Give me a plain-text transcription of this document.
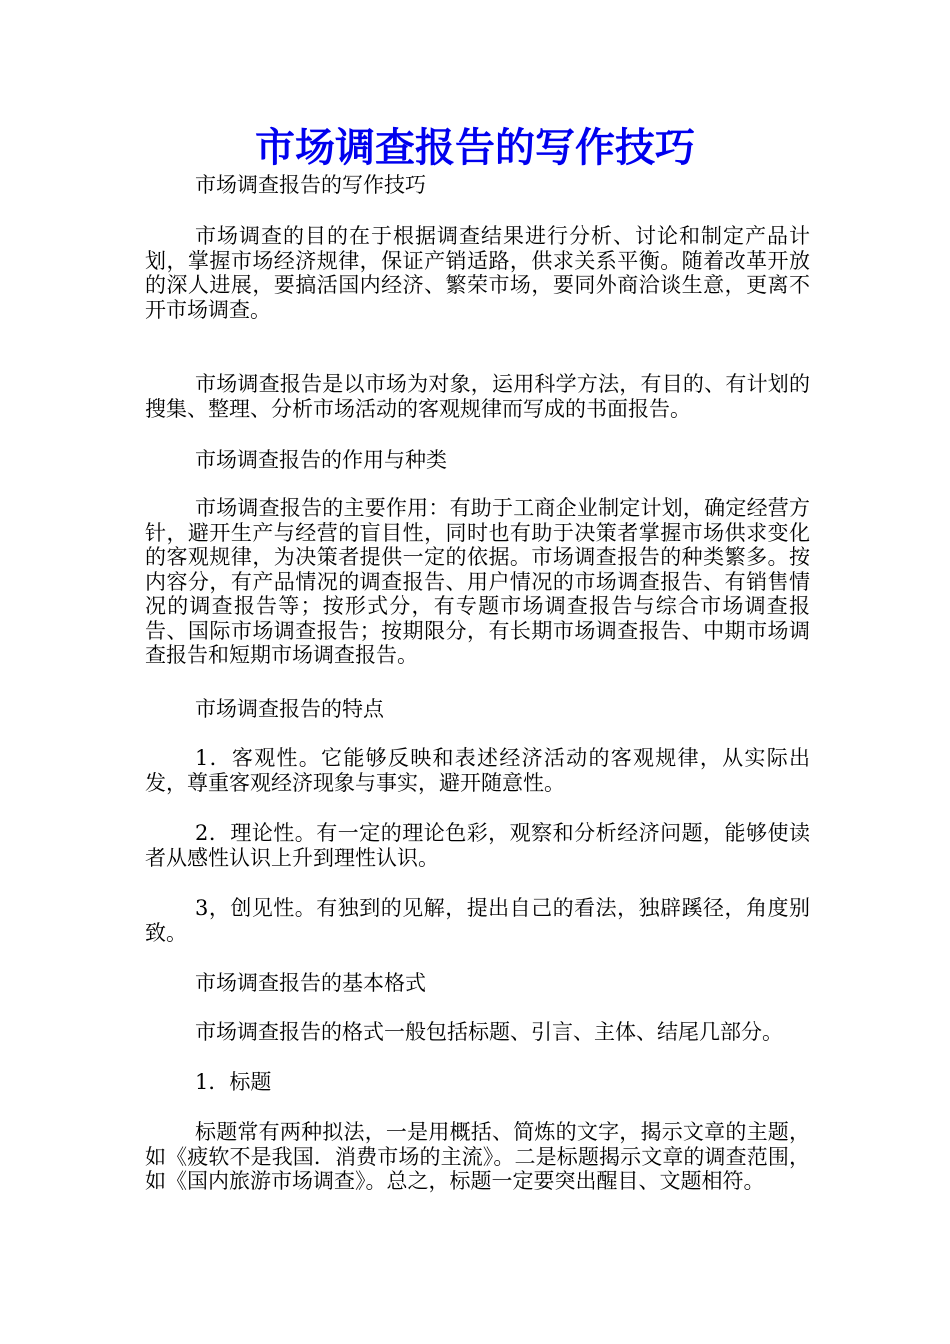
市场调查报告的写作技巧

市场调查报告的写作技巧

市场调查的目的在于根据调查结果进行分析、讨论和制定产品计划，掌握市场经济规律，保证产销适路，供求关系平衡。随着改革开放的深人进展，要搞活国内经济、繁荣市场，要同外商洽谈生意，更离不开市场调查。

市场调查报告是以市场为对象，运用科学方法，有目的、有计划的搜集、整理、分析市场活动的客观规律而写成的书面报告。

市场调查报告的作用与种类

市场调查报告的主要作用：有助于工商企业制定计划，确定经营方针，避开生产与经营的盲目性，同时也有助于决策者掌握市场供求变化的客观规律，为决策者提供一定的依据。市场调查报告的种类繁多。按内容分，有产品情况的调查报告、用户情况的市场调查报告、有销售情况的调查报告等；按形式分，有专题市场调查报告与综合市场调查报告、国际市场调查报告；按期限分，有长期市场调查报告、中期市场调查报告和短期市场调查报告。

市场调查报告的特点

1．客观性。它能够反映和表述经济活动的客观规律，从实际出发，尊重客观经济现象与事实，避开随意性。

2．理论性。有一定的理论色彩，观察和分析经济问题，能够使读者从感性认识上升到理性认识。

3，创见性。有独到的见解，提出自己的看法，独辟蹊径，角度别致。

市场调查报告的基本格式

市场调查报告的格式一般包括标题、引言、主体、结尾几部分。

1．标题

标题常有两种拟法，一是用概括、简炼的文字，揭示文章的主题，如《疲软不是我国．消费市场的主流》。二是标题揭示文章的调查范围，如《国内旅游市场调查》。总之，标题一定要突出醒目、文题相符。
